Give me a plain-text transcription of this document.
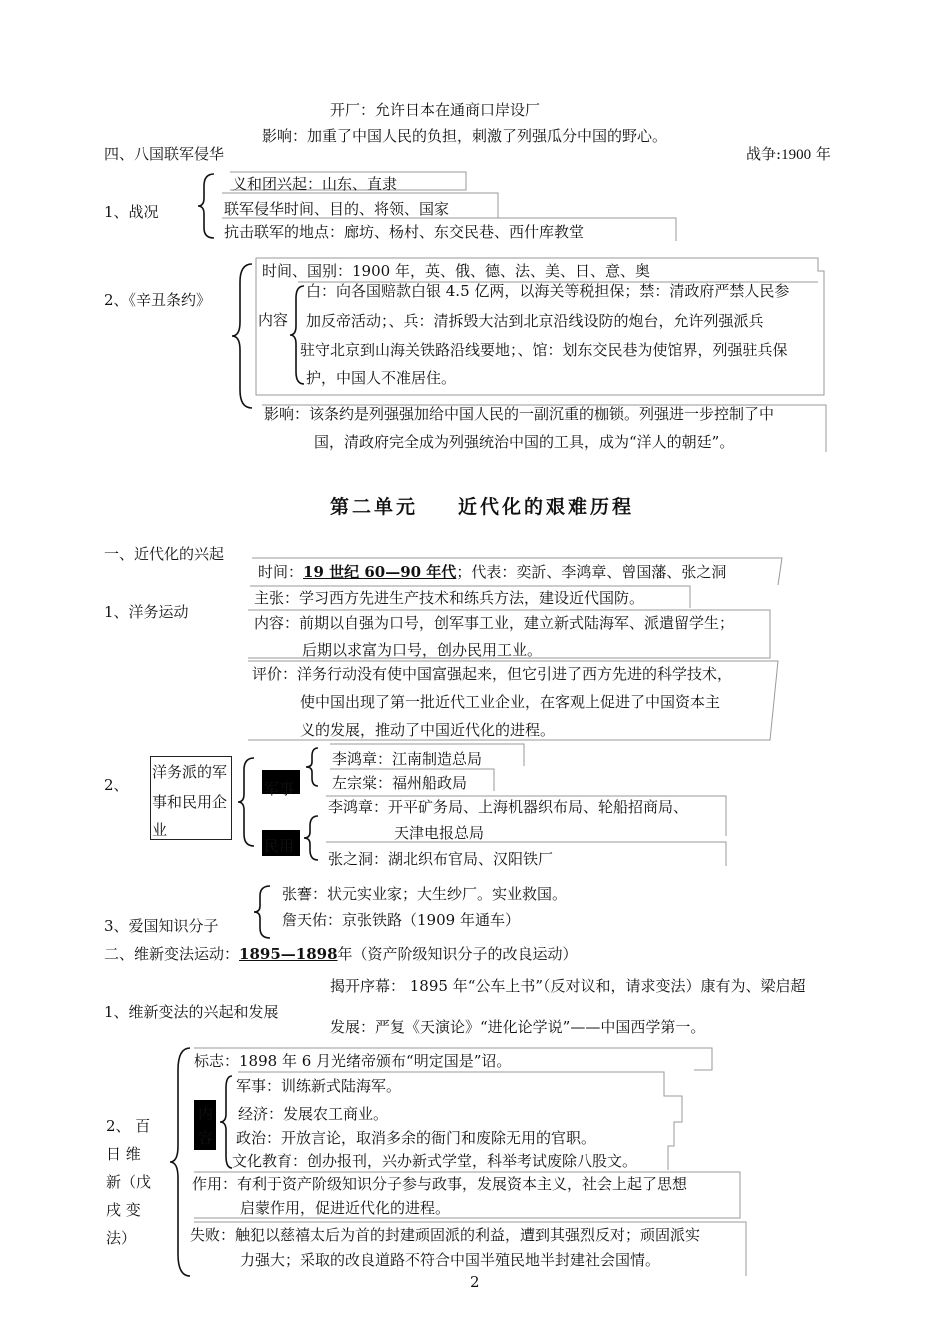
开厂：允许日本在通商口岸设厂
影响：加重了中国人民的负担，刺激了列强瓜分中国的野心。
四、八国联军侵华	战争:1900 年
1、战况
义和团兴起：山东、直隶
联军侵华时间、目的、将领、国家
抗击联军的地点：廊坊、杨村、东交民巷、西什库教堂
2、《辛丑条约》
时间、国别：1900 年，英、俄、德、法、美、日、意、奥
内容
白：向各国赔款白银 4.5 亿两，以海关等税担保；禁：清政府严禁人民参
加反帝活动；、兵：清拆毁大沽到北京沿线设防的炮台，允许列强派兵
驻守北京到山海关铁路沿线要地；、馆：划东交民巷为使馆界，列强驻兵保
护，中国人不准居住。
影响：该条约是列强强加给中国人民的一副沉重的枷锁。列强进一步控制了中
国，清政府完全成为列强统治中国的工具，成为“洋人的朝廷”。
第二单元 近代化的艰难历程
一、近代化的兴起
1、洋务运动
时间：19 世纪 60—90 年代；代表：奕訢、李鸿章、曾国藩、张之洞
主张：学习西方先进生产技术和练兵方法，建设近代国防。
内容：前期以自强为口号，创军事工业，建立新式陆海军、派遣留学生；
后期以求富为口号，创办民用工业。
评价：洋务行动没有使中国富强起来，但它引进了西方先进的科学技术，
使中国出现了第一批近代工业企业，在客观上促进了中国资本主
义的发展，推动了中国近代化的进程。
2、
洋务派的军
事和民用企
业
军事
李鸿章：江南制造总局
左宗棠：福州船政局
民用
李鸿章：开平矿务局、上海机器织布局、轮船招商局、
天津电报总局
张之洞：湖北织布官局、汉阳铁厂
3、爱国知识分子
张謇：状元实业家；大生纱厂。实业救国。
詹天佑：京张铁路（1909 年通车）
二、维新变法运动：1895—1898年（资产阶级知识分子的改良运动）
1、维新变法的兴起和发展
揭开序幕： 1895 年“公车上书”（反对议和，请求变法）康有为、梁启超
发展：严复《天演论》“进化论学说”——中国西学第一。
2、 百
日 维
新（戊
戌 变
法）
标志：1898 年 6 月光绪帝颁布“明定国是”诏。
内
容
军事：训练新式陆海军。
经济：发展农工商业。
政治：开放言论，取消多余的衙门和废除无用的官职。
文化教育：创办报刊，兴办新式学堂，科举考试废除八股文。
作用：有利于资产阶级知识分子参与政事，发展资本主义，社会上起了思想
启蒙作用，促进近代化的进程。
失败：触犯以慈禧太后为首的封建顽固派的利益，遭到其强烈反对；顽固派实
力强大；采取的改良道路不符合中国半殖民地半封建社会国情。
2
